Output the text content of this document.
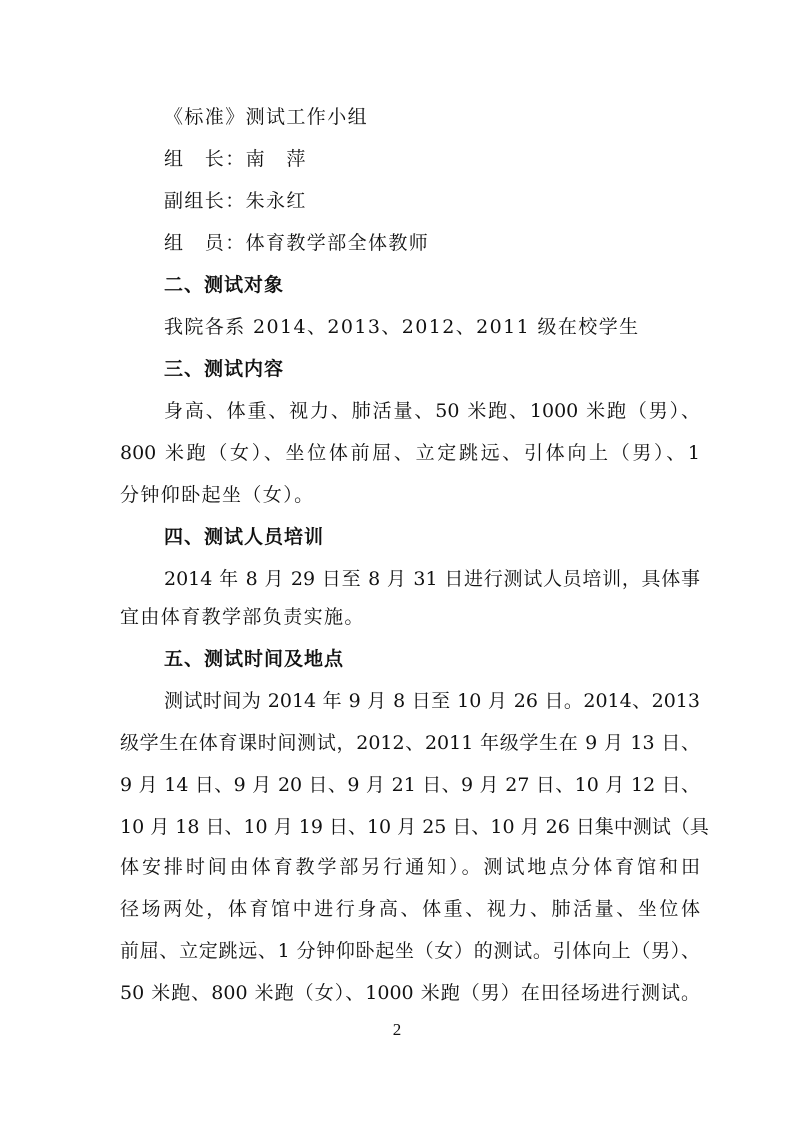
《标准》测试工作小组
组　长：南　萍
副组长：朱永红
组　员：体育教学部全体教师
二、测试对象
我院各系 2014、2013、2012、2011 级在校学生
三、测试内容
身高、体重、视力、肺活量、50 米跑、1000 米跑（男）、
800 米跑（女）、坐位体前屈、立定跳远、引体向上（男）、1
分钟仰卧起坐（女）。
四、测试人员培训
2014 年 8 月 29 日至 8 月 31 日进行测试人员培训，具体事
宜由体育教学部负责实施。
五、测试时间及地点
测试时间为 2014 年 9 月 8 日至 10 月 26 日。2014、2013
级学生在体育课时间测试，2012、2011 年级学生在 9 月 13 日、
9 月 14 日、9 月 20 日、9 月 21 日、9 月 27 日、10 月 12 日、
10 月 18 日、10 月 19 日、10 月 25 日、10 月 26 日集中测试（具
体安排时间由体育教学部另行通知）。测试地点分体育馆和田
径场两处，体育馆中进行身高、体重、视力、肺活量、坐位体
前屈、立定跳远、1 分钟仰卧起坐（女）的测试。引体向上（男）、
50 米跑、800 米跑（女）、1000 米跑（男）在田径场进行测试。
2
